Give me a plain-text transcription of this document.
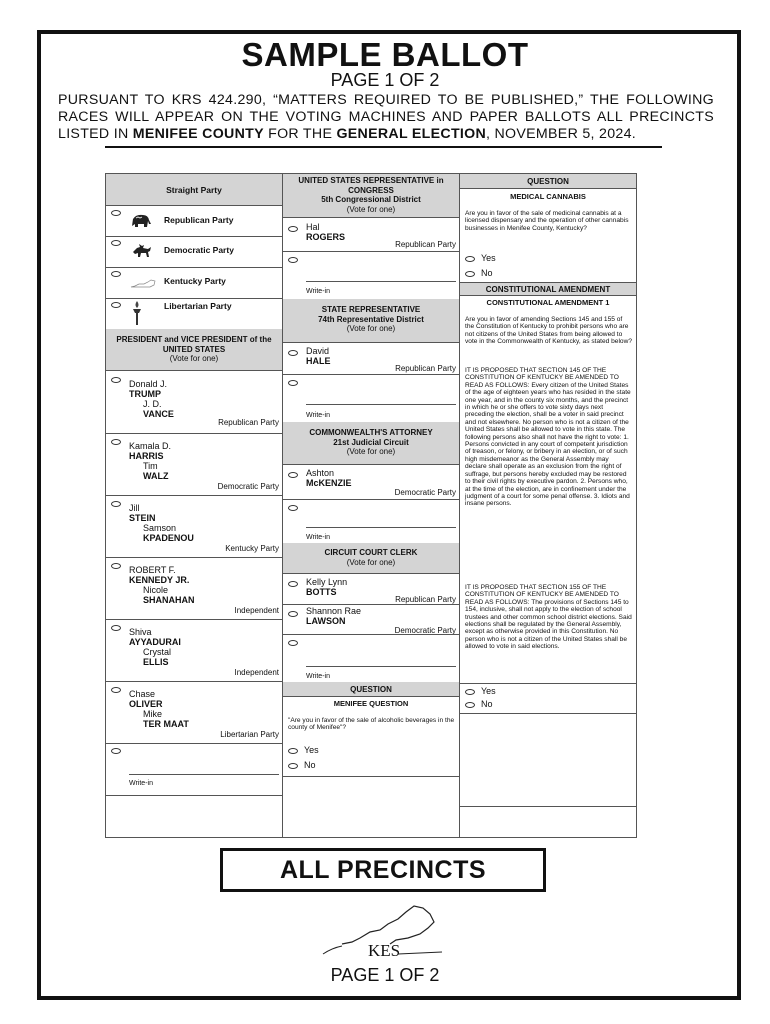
SAMPLE BALLOT
PAGE 1 OF 2
PURSUANT TO KRS 424.290, “MATTERS REQUIRED TO BE PUBLISHED,” THE FOLLOWING RACES WILL APPEAR ON THE VOTING MACHINES AND PAPER BALLOTS ALL PRECINCTS LISTED IN MENIFEE COUNTY FOR THE GENERAL ELECTION, NOVEMBER 5, 2024.
Straight Party
Republican Party
Democratic Party
Kentucky Party
Libertarian Party
PRESIDENT and VICE PRESIDENT of the UNITED STATES
(Vote for one)
Donald J.
TRUMP
J. D.
VANCE
Republican Party
Kamala D.
HARRIS
Tim
WALZ
Democratic Party
Jill
STEIN
Samson
KPADENOU
Kentucky Party
ROBERT F.
KENNEDY JR.
Nicole
SHANAHAN
Independent
Shiva
AYYADURAI
Crystal
ELLIS
Independent
Chase
OLIVER
Mike
TER MAAT
Libertarian Party
Write-in
UNITED STATES REPRESENTATIVE in CONGRESS
5th Congressional District
(Vote for one)
Hal
ROGERS
Republican Party
Write-in
STATE REPRESENTATIVE
74th Representative District
(Vote for one)
David
HALE
Republican Party
Write-in
COMMONWEALTH'S ATTORNEY
21st Judicial Circuit
(Vote for one)
Ashton
McKENZIE
Democratic Party
Write-in
CIRCUIT COURT CLERK
(Vote for one)
Kelly Lynn
BOTTS
Republican Party
Shannon Rae
LAWSON
Democratic Party
Write-in
QUESTION
MENIFEE QUESTION
"Are you in favor of the sale of alcoholic beverages in the county of Menifee"?
Yes
No
QUESTION
MEDICAL CANNABIS
Are you in favor of the sale of medicinal cannabis at a licensed dispensary and the operation of other cannabis businesses in Menifee County, Kentucky?
Yes
No
CONSTITUTIONAL AMENDMENT
CONSTITUTIONAL AMENDMENT 1
Are you in favor of amending Sections 145 and 155 of the Constitution of Kentucky to prohibit persons who are not citizens of the United States from being allowed to vote in the Commonwealth of Kentucky, as stated below?
IT IS PROPOSED THAT SECTION 145 OF THE CONSTITUTION OF KENTUCKY BE AMENDED TO READ AS FOLLOWS: Every citizen of the United States of the age of eighteen years who has resided in the state one year, and in the county six months, and the precinct in which he or she offers to vote sixty days next preceding the election, shall be a voter in said precinct and not elsewhere. No person who is not a citizen of the United States shall be allowed to vote in this state. The following persons also shall not have the right to vote: 1. Persons convicted in any court of competent jurisdiction of treason, or felony, or bribery in an election, or of such high misdemeanor as the General Assembly may declare shall operate as an exclusion from the right of suffrage, but persons hereby excluded may be restored to their civil rights by executive pardon. 2. Persons who, at the time of the election, are in confinement under the judgment of a court for some penal offense. 3. Idiots and insane persons.
IT IS PROPOSED THAT SECTION 155 OF THE CONSTITUTION OF KENTUCKY BE AMENDED TO READ AS FOLLOWS: The provisions of Sections 145 to 154, inclusive, shall not apply to the election of school trustees and other common school district elections. Said elections shall be regulated by the General Assembly, except as otherwise provided in this Constitution. No person who is not a citizen of the United States shall be allowed to vote in said elections.
Yes
No
ALL PRECINCTS
KES
PAGE 1 OF 2
